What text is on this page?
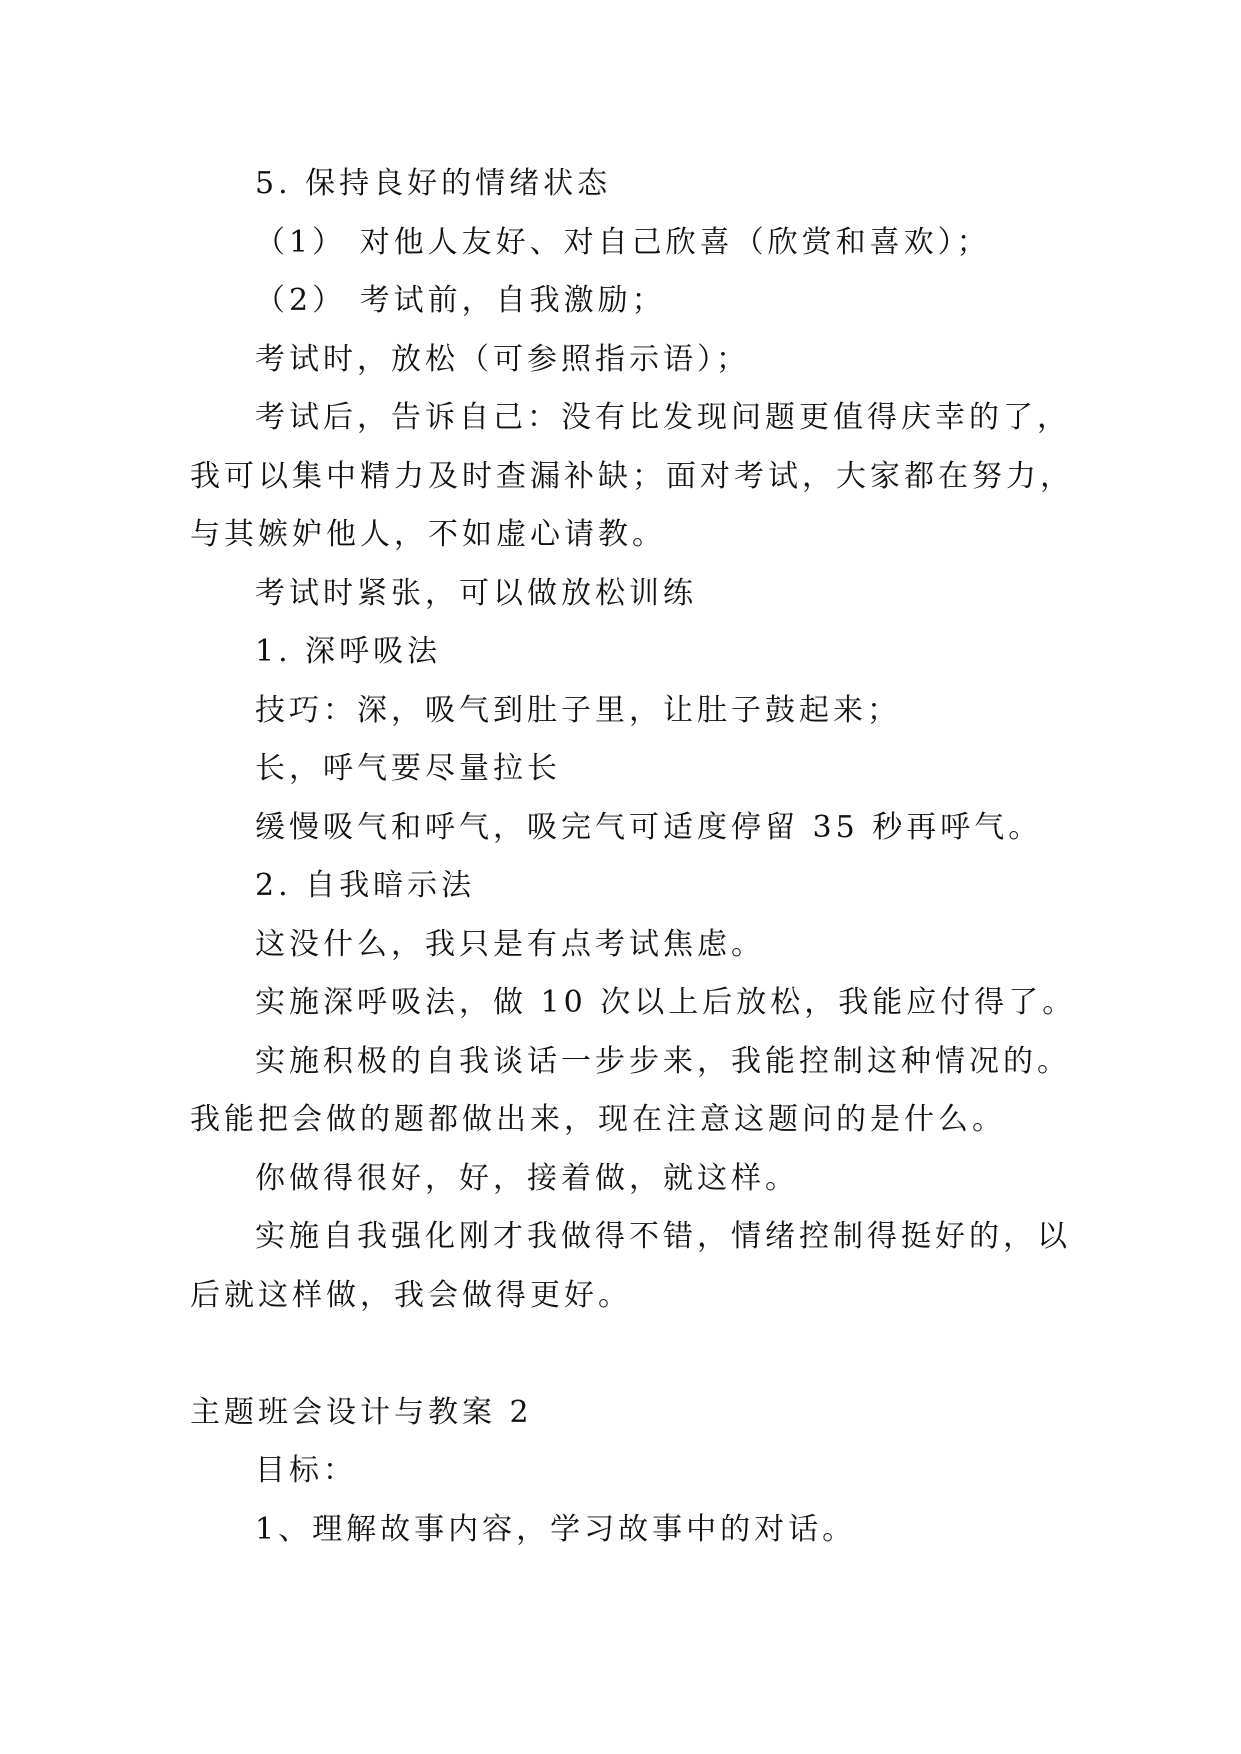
5. 保持良好的情绪状态
（1） 对他人友好、对自己欣喜（欣赏和喜欢）；
（2） 考试前，自我激励；
考试时，放松（可参照指示语）；
考试后，告诉自己：没有比发现问题更值得庆幸的了，
我可以集中精力及时查漏补缺；面对考试，大家都在努力，
与其嫉妒他人，不如虚心请教。
考试时紧张，可以做放松训练
1. 深呼吸法
技巧：深，吸气到肚子里，让肚子鼓起来；
长，呼气要尽量拉长
缓慢吸气和呼气，吸完气可适度停留 35 秒再呼气。
2. 自我暗示法
这没什么，我只是有点考试焦虑。
实施深呼吸法，做 10 次以上后放松，我能应付得了。
实施积极的自我谈话一步步来，我能控制这种情况的。
我能把会做的题都做出来，现在注意这题问的是什么。
你做得很好，好，接着做，就这样。
实施自我强化刚才我做得不错，情绪控制得挺好的，以
后就这样做，我会做得更好。
主题班会设计与教案 2
目标：
1、理解故事内容，学习故事中的对话。
